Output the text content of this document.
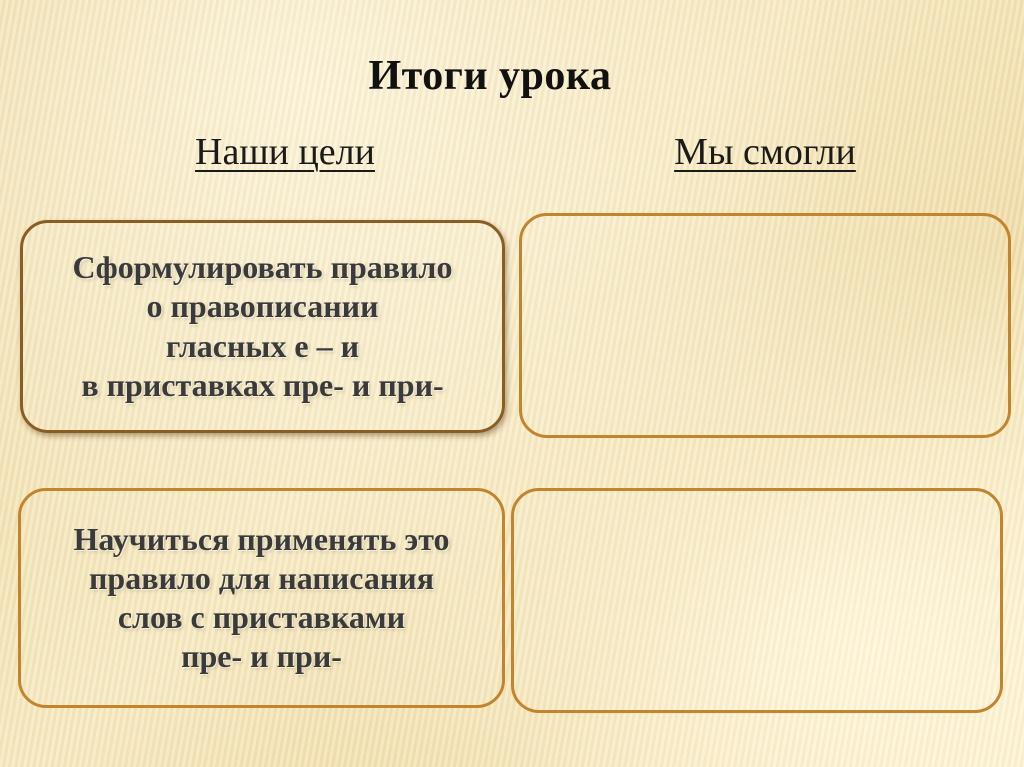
Итоги урока
Наши цели	Мы смогли
Сформулировать правило
о правописании
гласных е – и
в приставках пре- и при-
Научиться применять это
правило для написания
слов с приставками
пре- и при-
